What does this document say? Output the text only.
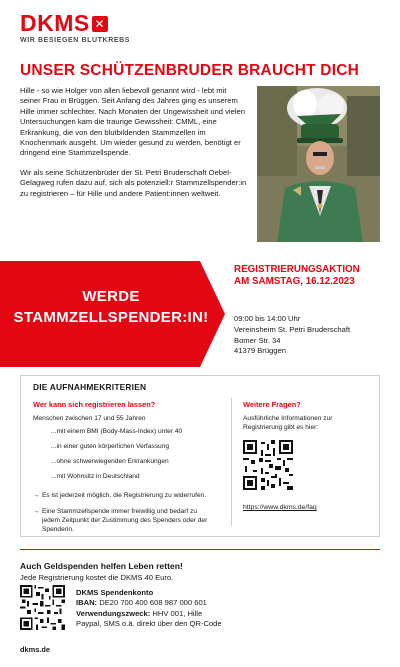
DKMS ✕
WIR BESIEGEN BLUTKREBS
UNSER SCHÜTZENBRUDER BRAUCHT DICH

Hille - so wie Holger von allen liebevoll genannt wird - lebt mit seiner Frau in Brüggen. Seit Anfang des Jahres ging es unserem Hille immer schlechter. Nach Monaten der Ungewissheit und vielen Untersuchungen kam die traurige Gewissheit: CMML, eine Erkrankung, die von den blutbildenden Stammzellen im Knochenmark ausgeht. Um wieder gesund zu werden, benötigt er dringend eine Stammzellspende.

Wir als seine Schützenbrüder der St. Petri Bruderschaft Oebel-Gelagweg rufen dazu auf, sich als potenziell:r Stammzellspender:in zu registrieren – für Hille und andere Patient:innen weltweit.

WERDE
STAMMZELLSPENDER:IN!
REGISTRIERUNGSAKTION
AM SAMSTAG, 16.12.2023
09:00 bis 14:00 Uhr
Vereinsheim St. Petri Bruderschaft
Bomer Str. 34
41379 Brüggen
DIE AUFNAHMEKRITERIEN
Wer kann sich registrieren lassen?
Menschen zwischen 17 und 55 Jahren
...mit einem BMI (Body-Mass-Index) unter 40
...in einer guten körperlichen Verfassung
...ohne schwerwiegenden Erkrankungen
...mit Wohnsitz in Deutschland
→ Es ist jederzeit möglich, die Registrierung zu widerrufen.
→ Eine Stammzellspende immer freiwillig und bedarf zu jedem Zeitpunkt der Zustimmung des Spenders oder der Spenderin.
Weitere Fragen?
Ausführliche Informationen zur Registrierung gibt es hier:
https://www.dkms.de/faq
Auch Geldspenden helfen Leben retten!
Jede Registrierung kostet die DKMS 40 Euro.
DKMS Spendenkonto
IBAN: DE20 700 400 608 987 000 601
Verwendungszweck: HHV 001, Hille
Paypal, SMS o.ä. direkt über den QR-Code
dkms.de
